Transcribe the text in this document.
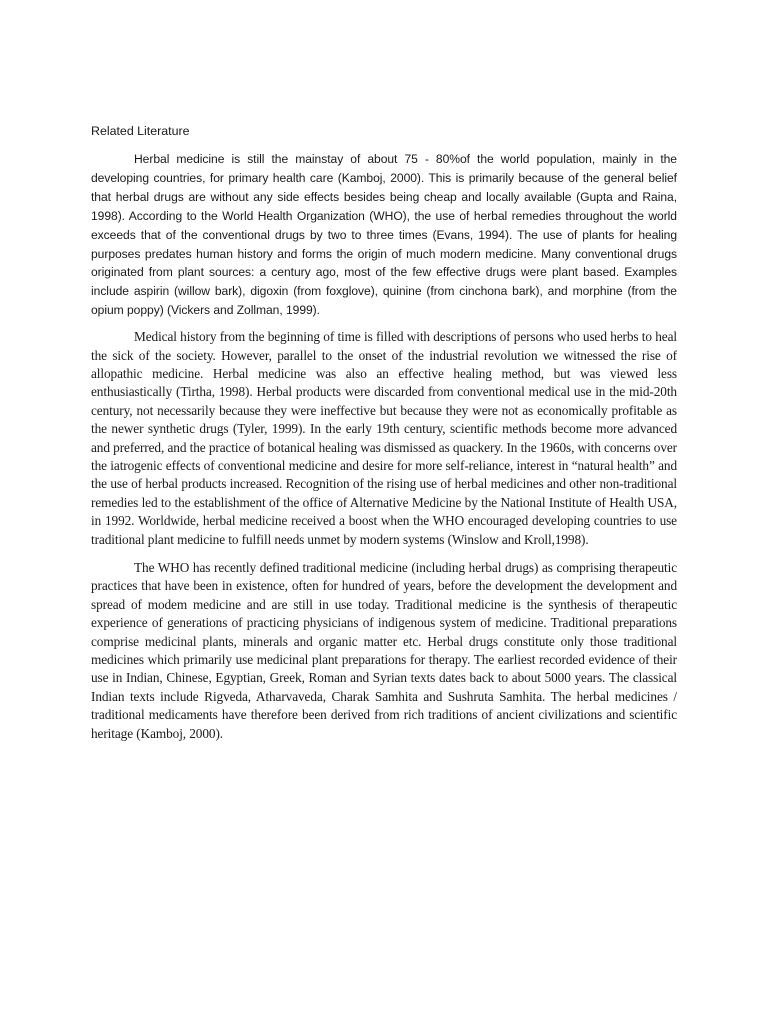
Related Literature

Herbal medicine is still the mainstay of about 75 - 80%of the world population, mainly in the developing countries, for primary health care (Kamboj, 2000). This is primarily because of the general belief that herbal drugs are without any side effects besides being cheap and locally available (Gupta and Raina, 1998). According to the World Health Organization (WHO), the use of herbal remedies throughout the world exceeds that of the conventional drugs by two to three times (Evans, 1994). The use of plants for healing purposes predates human history and forms the origin of much modern medicine. Many conventional drugs originated from plant sources: a century ago, most of the few effective drugs were plant based. Examples include aspirin (willow bark), digoxin (from foxglove), quinine (from cinchona bark), and morphine (from the opium poppy) (Vickers and Zollman, 1999).

Medical history from the beginning of time is filled with descriptions of persons who used herbs to heal the sick of the society. However, parallel to the onset of the industrial revolution we witnessed the rise of allopathic medicine. Herbal medicine was also an effective healing method, but was viewed less enthusiastically (Tirtha, 1998). Herbal products were discarded from conventional medical use in the mid-20th century, not necessarily because they were ineffective but because they were not as economically profitable as the newer synthetic drugs (Tyler, 1999). In the early 19th century, scientific methods become more advanced and preferred, and the practice of botanical healing was dismissed as quackery. In the 1960s, with concerns over the iatrogenic effects of conventional medicine and desire for more self-reliance, interest in “natural health” and the use of herbal products increased. Recognition of the rising use of herbal medicines and other non-traditional remedies led to the establishment of the office of Alternative Medicine by the National Institute of Health USA, in 1992. Worldwide, herbal medicine received a boost when the WHO encouraged developing countries to use traditional plant medicine to fulfill needs unmet by modern systems (Winslow and Kroll,1998).

The WHO has recently defined traditional medicine (including herbal drugs) as comprising therapeutic practices that have been in existence, often for hundred of years, before the development the development and spread of modem medicine and are still in use today. Traditional medicine is the synthesis of therapeutic experience of generations of practicing physicians of indigenous system of medicine. Traditional preparations comprise medicinal plants, minerals and organic matter etc. Herbal drugs constitute only those traditional medicines which primarily use medicinal plant preparations for therapy. The earliest recorded evidence of their use in Indian, Chinese, Egyptian, Greek, Roman and Syrian texts dates back to about 5000 years. The classical Indian texts include Rigveda, Atharvaveda, Charak Samhita and Sushruta Samhita. The herbal medicines / traditional medicaments have therefore been derived from rich traditions of ancient civilizations and scientific heritage (Kamboj, 2000).
